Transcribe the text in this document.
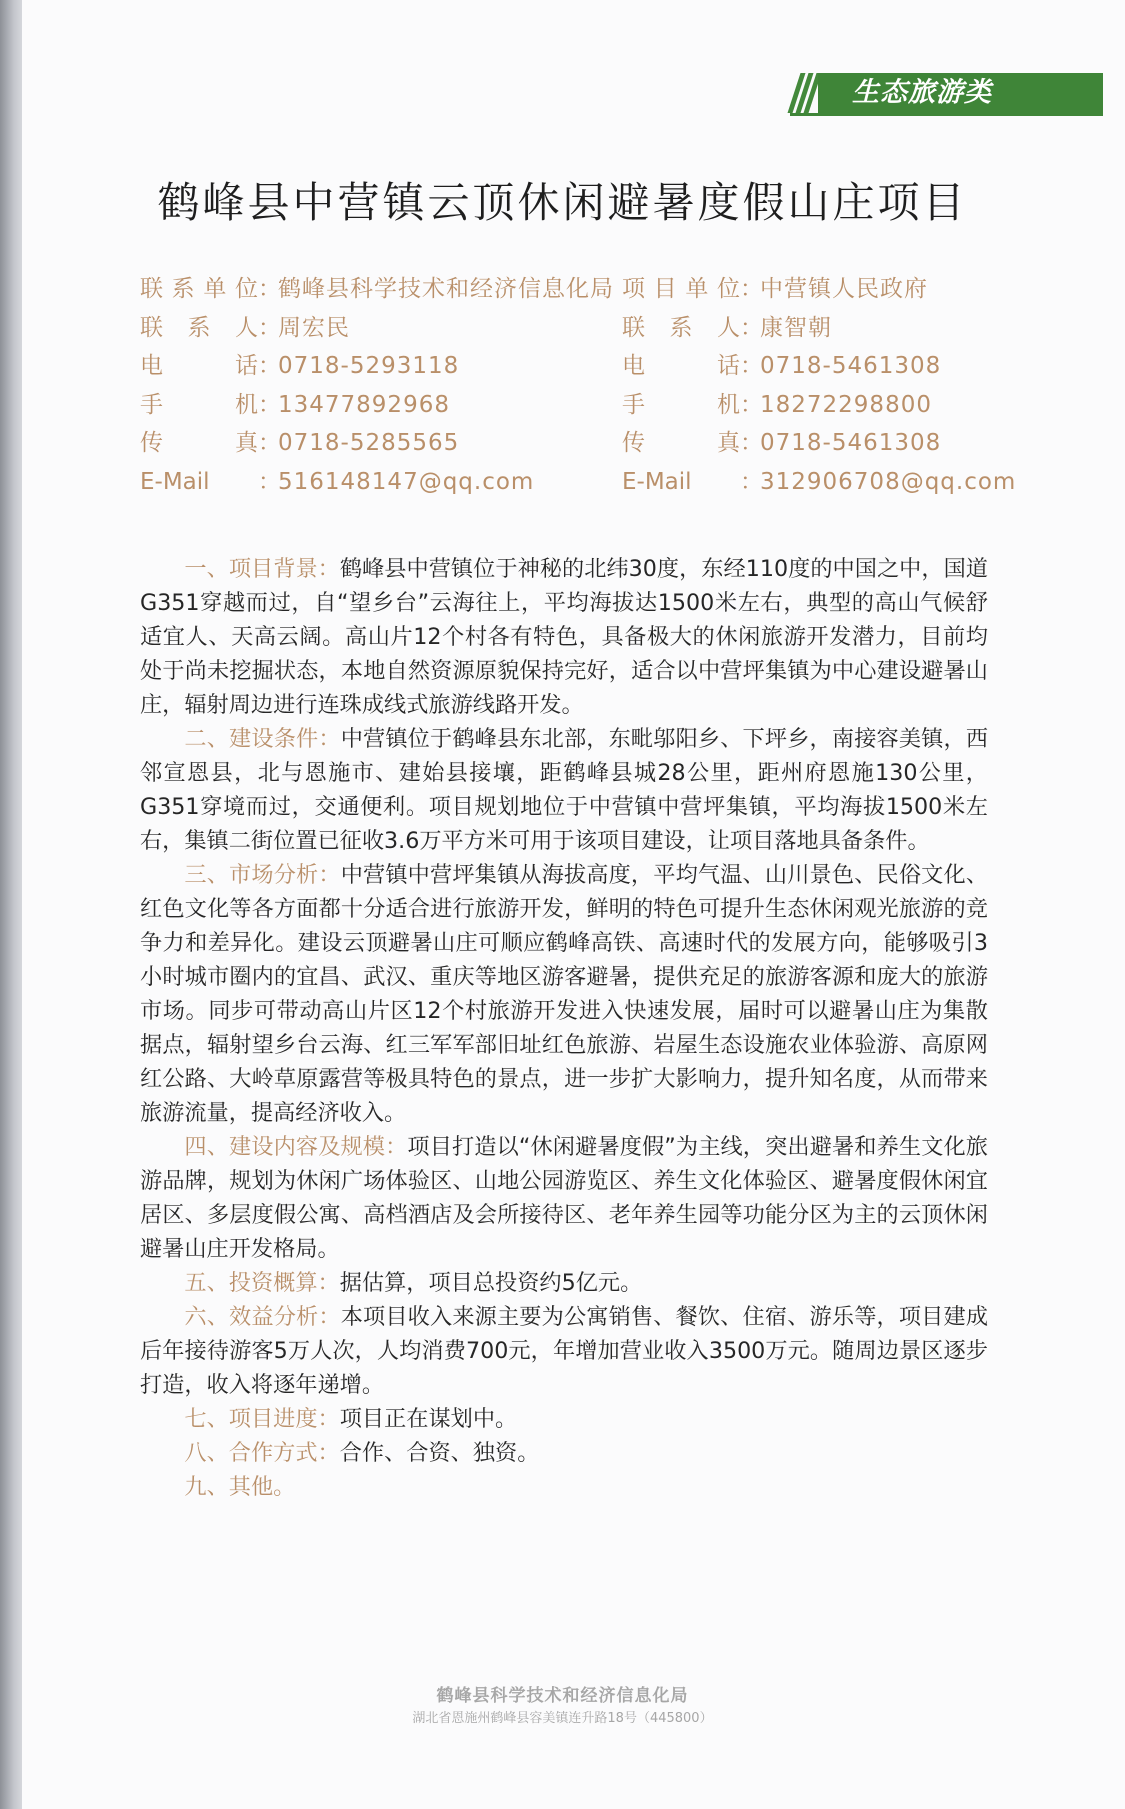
生态旅游类
鹤峰县中营镇云顶休闲避暑度假山庄项目
联系单位：鹤峰县科学技术和经济信息化局
联系人：周宏民
电话：0718-5293118
手机：13477892968
传真：0718-5285565
E-Mail ：516148147@qq.com
项目单位：中营镇人民政府
联系人：康智朝
电话：0718-5461308
手机：18272298800
传真：0718-5461308
E-Mail ：312906708@qq.com

一、项目背景：鹤峰县中营镇位于神秘的北纬30度，东经110度的中国之中，国道G351穿越而过，自“望乡台”云海往上，平均海拔达1500米左右，典型的高山气候舒适宜人、天高云阔。高山片12个村各有特色，具备极大的休闲旅游开发潜力，目前均处于尚未挖掘状态，本地自然资源原貌保持完好，适合以中营坪集镇为中心建设避暑山庄，辐射周边进行连珠成线式旅游线路开发。

二、建设条件：中营镇位于鹤峰县东北部，东毗邬阳乡、下坪乡，南接容美镇，西邻宣恩县，北与恩施市、建始县接壤，距鹤峰县城28公里，距州府恩施130公里，G351穿境而过，交通便利。项目规划地位于中营镇中营坪集镇，平均海拔1500米左右，集镇二街位置已征收3.6万平方米可用于该项目建设，让项目落地具备条件。

三、市场分析：中营镇中营坪集镇从海拔高度，平均气温、山川景色、民俗文化、红色文化等各方面都十分适合进行旅游开发，鲜明的特色可提升生态休闲观光旅游的竞争力和差异化。建设云顶避暑山庄可顺应鹤峰高铁、高速时代的发展方向，能够吸引3小时城市圈内的宜昌、武汉、重庆等地区游客避暑，提供充足的旅游客源和庞大的旅游市场。同步可带动高山片区12个村旅游开发进入快速发展，届时可以避暑山庄为集散据点，辐射望乡台云海、红三军军部旧址红色旅游、岩屋生态设施农业体验游、高原网红公路、大岭草原露营等极具特色的景点，进一步扩大影响力，提升知名度，从而带来旅游流量，提高经济收入。

四、建设内容及规模：项目打造以“休闲避暑度假”为主线，突出避暑和养生文化旅游品牌，规划为休闲广场体验区、山地公园游览区、养生文化体验区、避暑度假休闲宜居区、多层度假公寓、高档酒店及会所接待区、老年养生园等功能分区为主的云顶休闲避暑山庄开发格局。

五、投资概算：据估算，项目总投资约5亿元。

六、效益分析：本项目收入来源主要为公寓销售、餐饮、住宿、游乐等，项目建成后年接待游客5万人次，人均消费700元，年增加营业收入3500万元。随周边景区逐步打造，收入将逐年递增。

七、项目进度：项目正在谋划中。

八、合作方式：合作、合资、独资。

九、其他。

鹤峰县科学技术和经济信息化局
湖北省恩施州鹤峰县容美镇连升路18号（445800）
